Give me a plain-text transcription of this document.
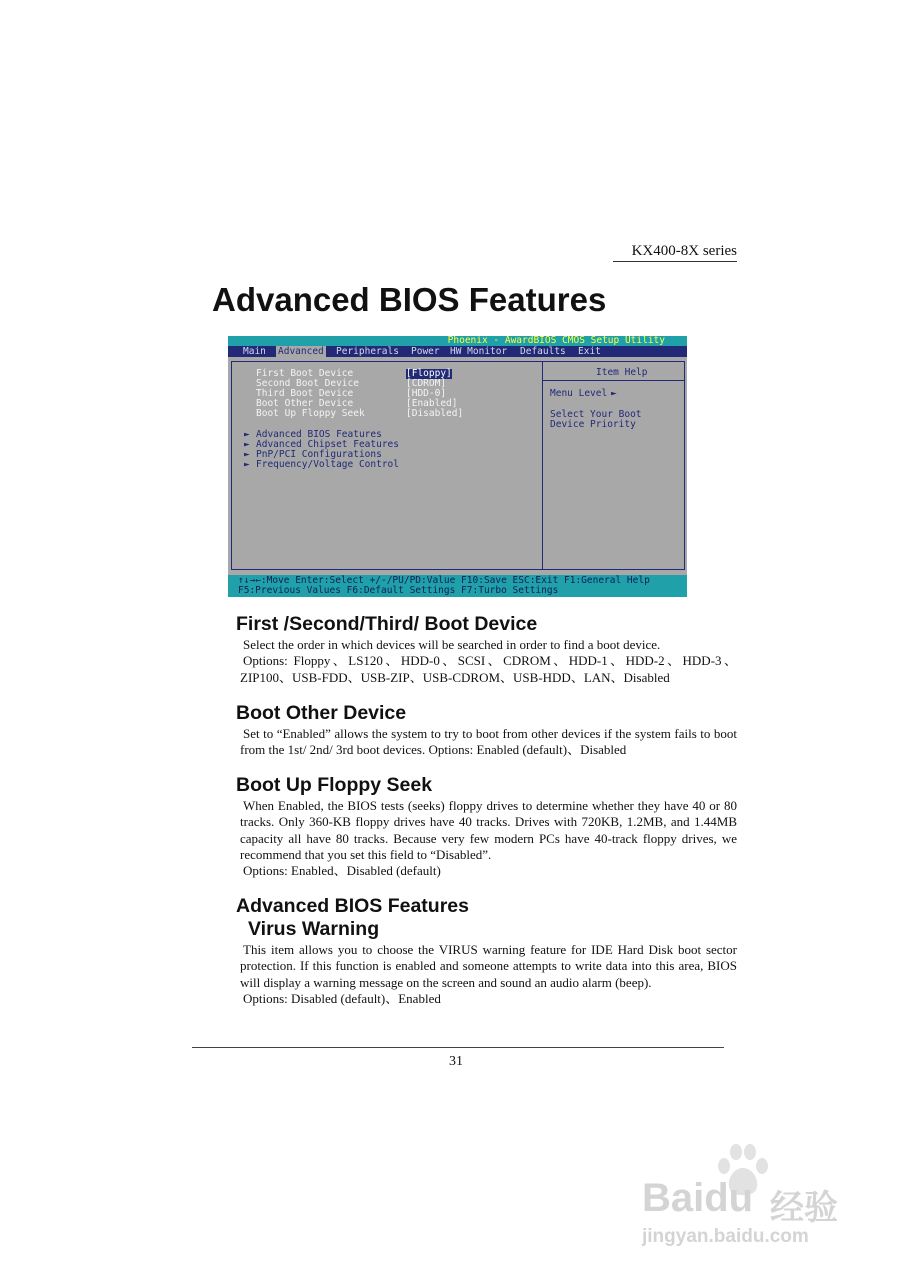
KX400-8X series
Advanced BIOS Features
Phoenix - AwardBIOS CMOS Setup Utility
Main Advanced Peripherals Power HW Monitor Defaults Exit
First Boot Device	[Floppy]
Second Boot Device	[CDROM]
Third Boot Device	[HDD-0]
Boot Other Device	[Enabled]
Boot Up Floppy Seek	[Disabled]
► Advanced BIOS Features
► Advanced Chipset Features
► PnP/PCI Configurations
► Frequency/Voltage Control
Item Help
Menu Level ►
Select Your Boot
Device Priority
↑↓→←:Move Enter:Select +/-/PU/PD:Value F10:Save ESC:Exit F1:General Help
F5:Previous Values F6:Default Settings F7:Turbo Settings
First /Second/Third/ Boot Device

Select the order in which devices will be searched in order to find a boot device.

Options: Floppy、LS120、HDD-0、SCSI、CDROM、HDD-1、HDD-2、HDD-3、ZIP100、USB-FDD、USB-ZIP、USB-CDROM、USB-HDD、LAN、Disabled

Boot Other Device

Set to “Enabled” allows the system to try to boot from other devices if the system fails to boot from the 1st/ 2nd/ 3rd boot devices. Options: Enabled (default)、Disabled

Boot Up Floppy Seek

When Enabled, the BIOS tests (seeks) floppy drives to determine whether they have 40 or 80 tracks. Only 360-KB floppy drives have 40 tracks. Drives with 720KB, 1.2MB, and 1.44MB capacity all have 80 tracks. Because very few modern PCs have 40-track floppy drives, we recommend that you set this field to “Disabled”.

Options: Enabled、Disabled (default)

Advanced BIOS Features
Virus Warning

This item allows you to choose the VIRUS warning feature for IDE Hard Disk boot sector protection. If this function is enabled and someone attempts to write data into this area, BIOS will display a warning message on the screen and sound an audio alarm (beep).

Options: Disabled (default)、Enabled

31
Baidu 经验
jingyan.baidu.com
